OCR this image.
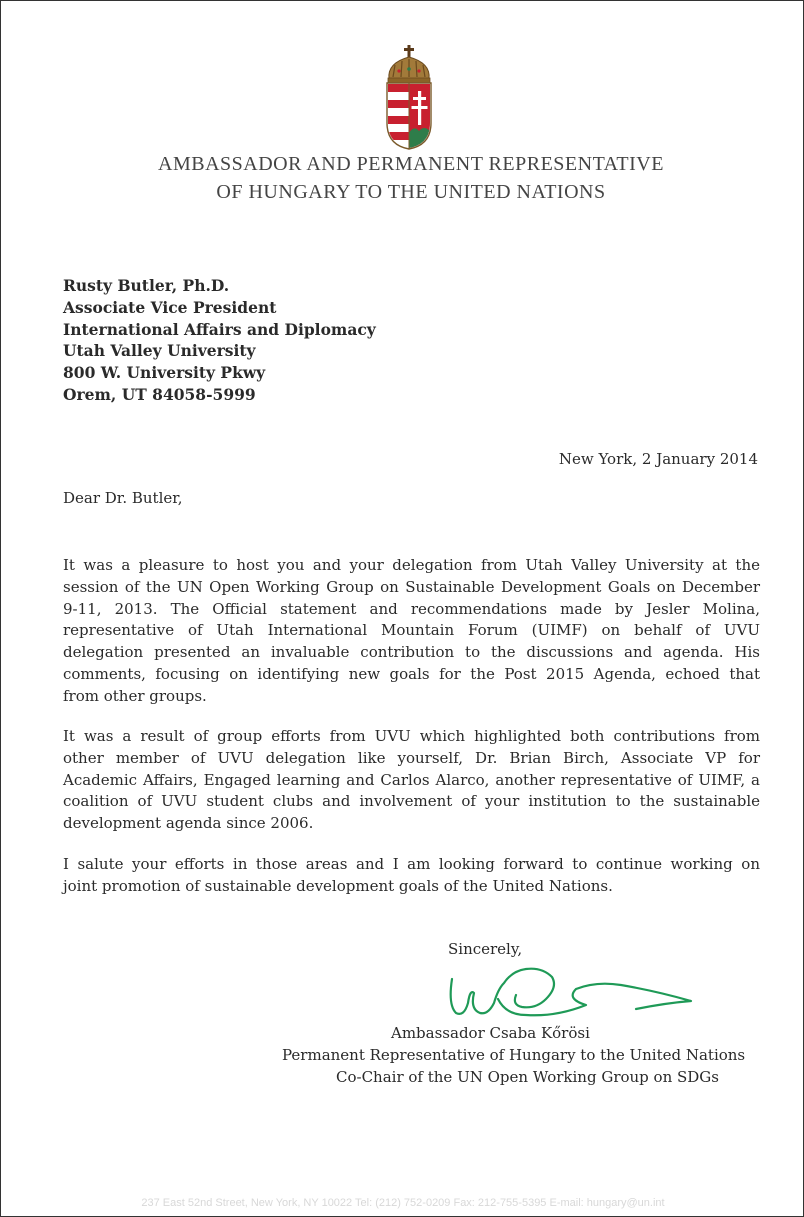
AMBASSADOR AND PERMANENT REPRESENTATIVE
OF HUNGARY TO THE UNITED NATIONS
Rusty Butler, Ph.D.
Associate Vice President
International Affairs and Diplomacy
Utah Valley University
800 W. University Pkwy
Orem, UT 84058-5999
New York, 2 January 2014
Dear Dr. Butler,
It was a pleasure to host you and your delegation from Utah Valley University at the
session of the UN Open Working Group on Sustainable Development Goals on December
9-11, 2013. The Official statement and recommendations made by Jesler Molina,
representative of Utah International Mountain Forum (UIMF) on behalf of UVU
delegation presented an invaluable contribution to the discussions and agenda. His
comments, focusing on identifying new goals for the Post 2015 Agenda, echoed that
from other groups.
It was a result of group efforts from UVU which highlighted both contributions from
other member of UVU delegation like yourself, Dr. Brian Birch, Associate VP for
Academic Affairs, Engaged learning and Carlos Alarco, another representative of UIMF, a
coalition of UVU student clubs and involvement of your institution to the sustainable
development agenda since 2006.
I salute your efforts in those areas and I am looking forward to continue working on
joint promotion of sustainable development goals of the United Nations.
Sincerely,
Ambassador Csaba Kőrösi
Permanent Representative of Hungary to the United Nations
Co-Chair of the UN Open Working Group on SDGs
237 East 52nd Street, New York, NY 10022 Tel: (212) 752-0209 Fax: 212-755-5395 E-mail: hungary@un.int
